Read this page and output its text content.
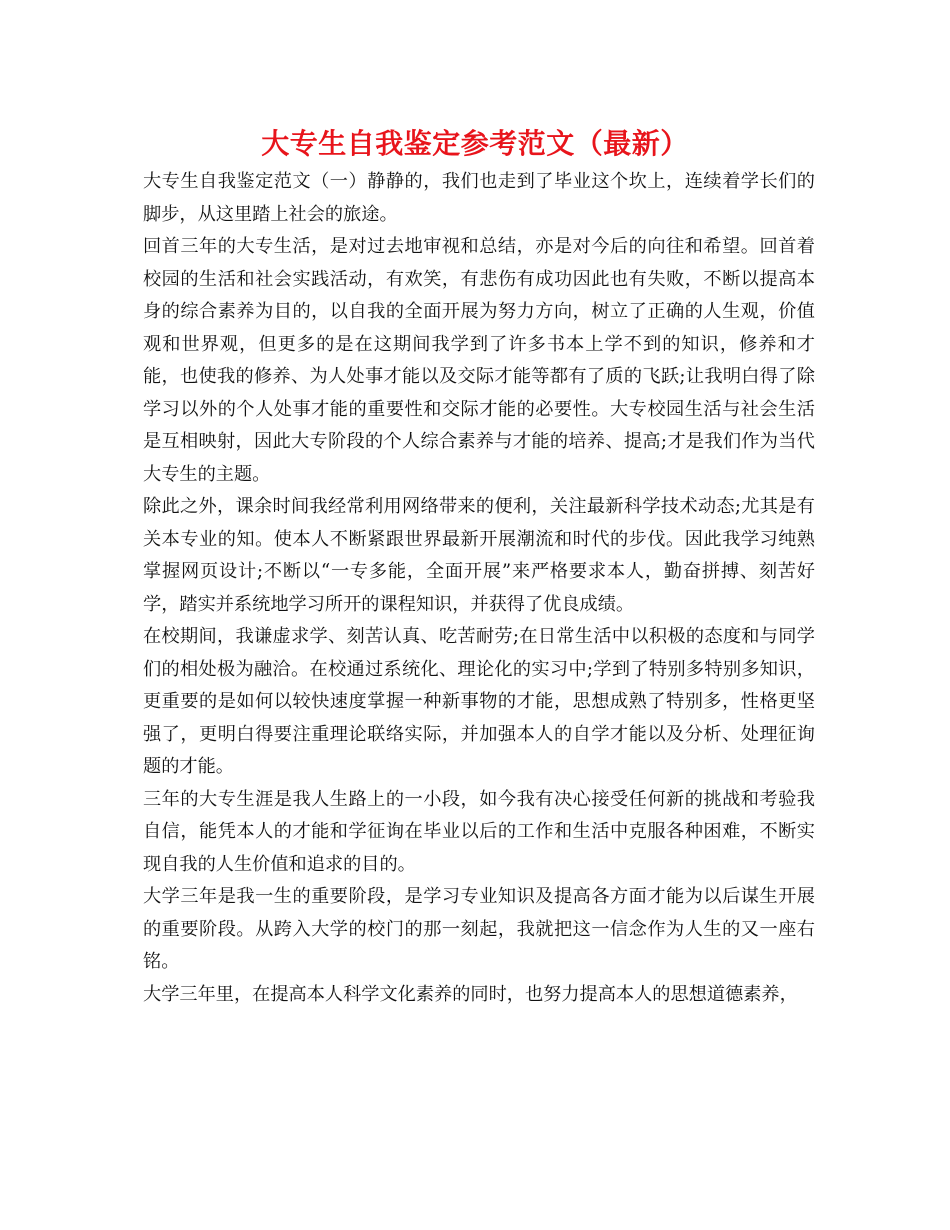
大专生自我鉴定参考范文（最新）

大专生自我鉴定范文（一）静静的，我们也走到了毕业这个坎上，连续着学长们的脚步，从这里踏上社会的旅途。

回首三年的大专生活，是对过去地审视和总结，亦是对今后的向往和希望。回首着校园的生活和社会实践活动，有欢笑，有悲伤有成功因此也有失败，不断以提高本身的综合素养为目的，以自我的全面开展为努力方向，树立了正确的人生观，价值观和世界观，但更多的是在这期间我学到了许多书本上学不到的知识，修养和才能，也使我的修养、为人处事才能以及交际才能等都有了质的飞跃;让我明白得了除学习以外的个人处事才能的重要性和交际才能的必要性。大专校园生活与社会生活是互相映射，因此大专阶段的个人综合素养与才能的培养、提高;才是我们作为当代大专生的主题。

除此之外，课余时间我经常利用网络带来的便利，关注最新科学技术动态;尤其是有关本专业的知。使本人不断紧跟世界最新开展潮流和时代的步伐。因此我学习纯熟掌握网页设计;不断以“一专多能，全面开展”来严格要求本人，勤奋拼搏、刻苦好学，踏实并系统地学习所开的课程知识，并获得了优良成绩。

在校期间，我谦虚求学、刻苦认真、吃苦耐劳;在日常生活中以积极的态度和与同学们的相处极为融洽。在校通过系统化、理论化的实习中;学到了特别多特别多知识，更重要的是如何以较快速度掌握一种新事物的才能，思想成熟了特别多，性格更坚强了，更明白得要注重理论联络实际，并加强本人的自学才能以及分析、处理征询题的才能。

三年的大专生涯是我人生路上的一小段，如今我有决心接受任何新的挑战和考验我自信，能凭本人的才能和学征询在毕业以后的工作和生活中克服各种困难，不断实现自我的人生价值和追求的目的。

大学三年是我一生的重要阶段，是学习专业知识及提高各方面才能为以后谋生开展的重要阶段。从跨入大学的校门的那一刻起，我就把这一信念作为人生的又一座右铭。

大学三年里，在提高本人科学文化素养的同时，也努力提高本人的思想道德素养，
